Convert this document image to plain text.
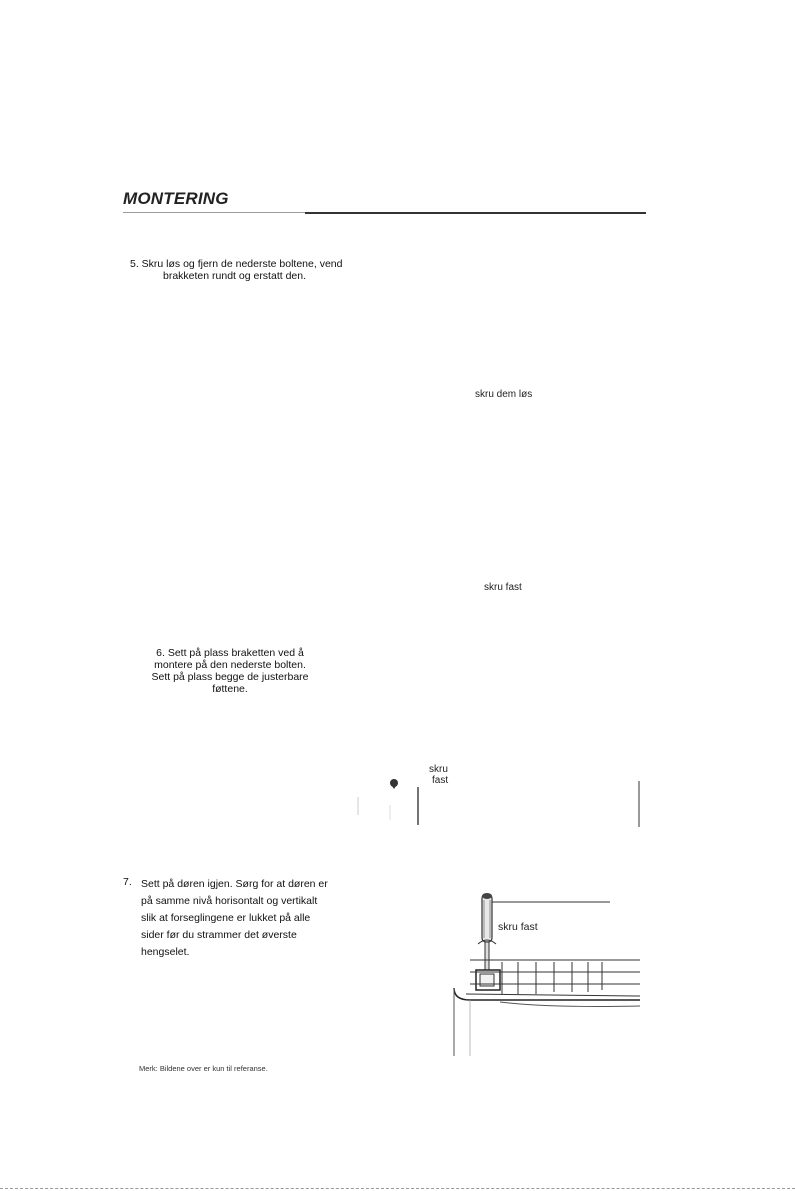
MONTERING
5. Skru løs og fjern de nederste boltene, vend
brakketen rundt og erstatt den.
skru dem løs
skru fast
6. Sett på plass braketten ved å
montere på den nederste bolten.
Sett på plass begge de justerbare
føttene.
skru
fast
7. Sett på døren igjen. Sørg for at døren er
på samme nivå horisontalt og vertikalt
slik at forseglingene er lukket på alle
sider før du strammer det øverste
hengselet.
skru fast
Merk: Bildene over er kun til referanse.
